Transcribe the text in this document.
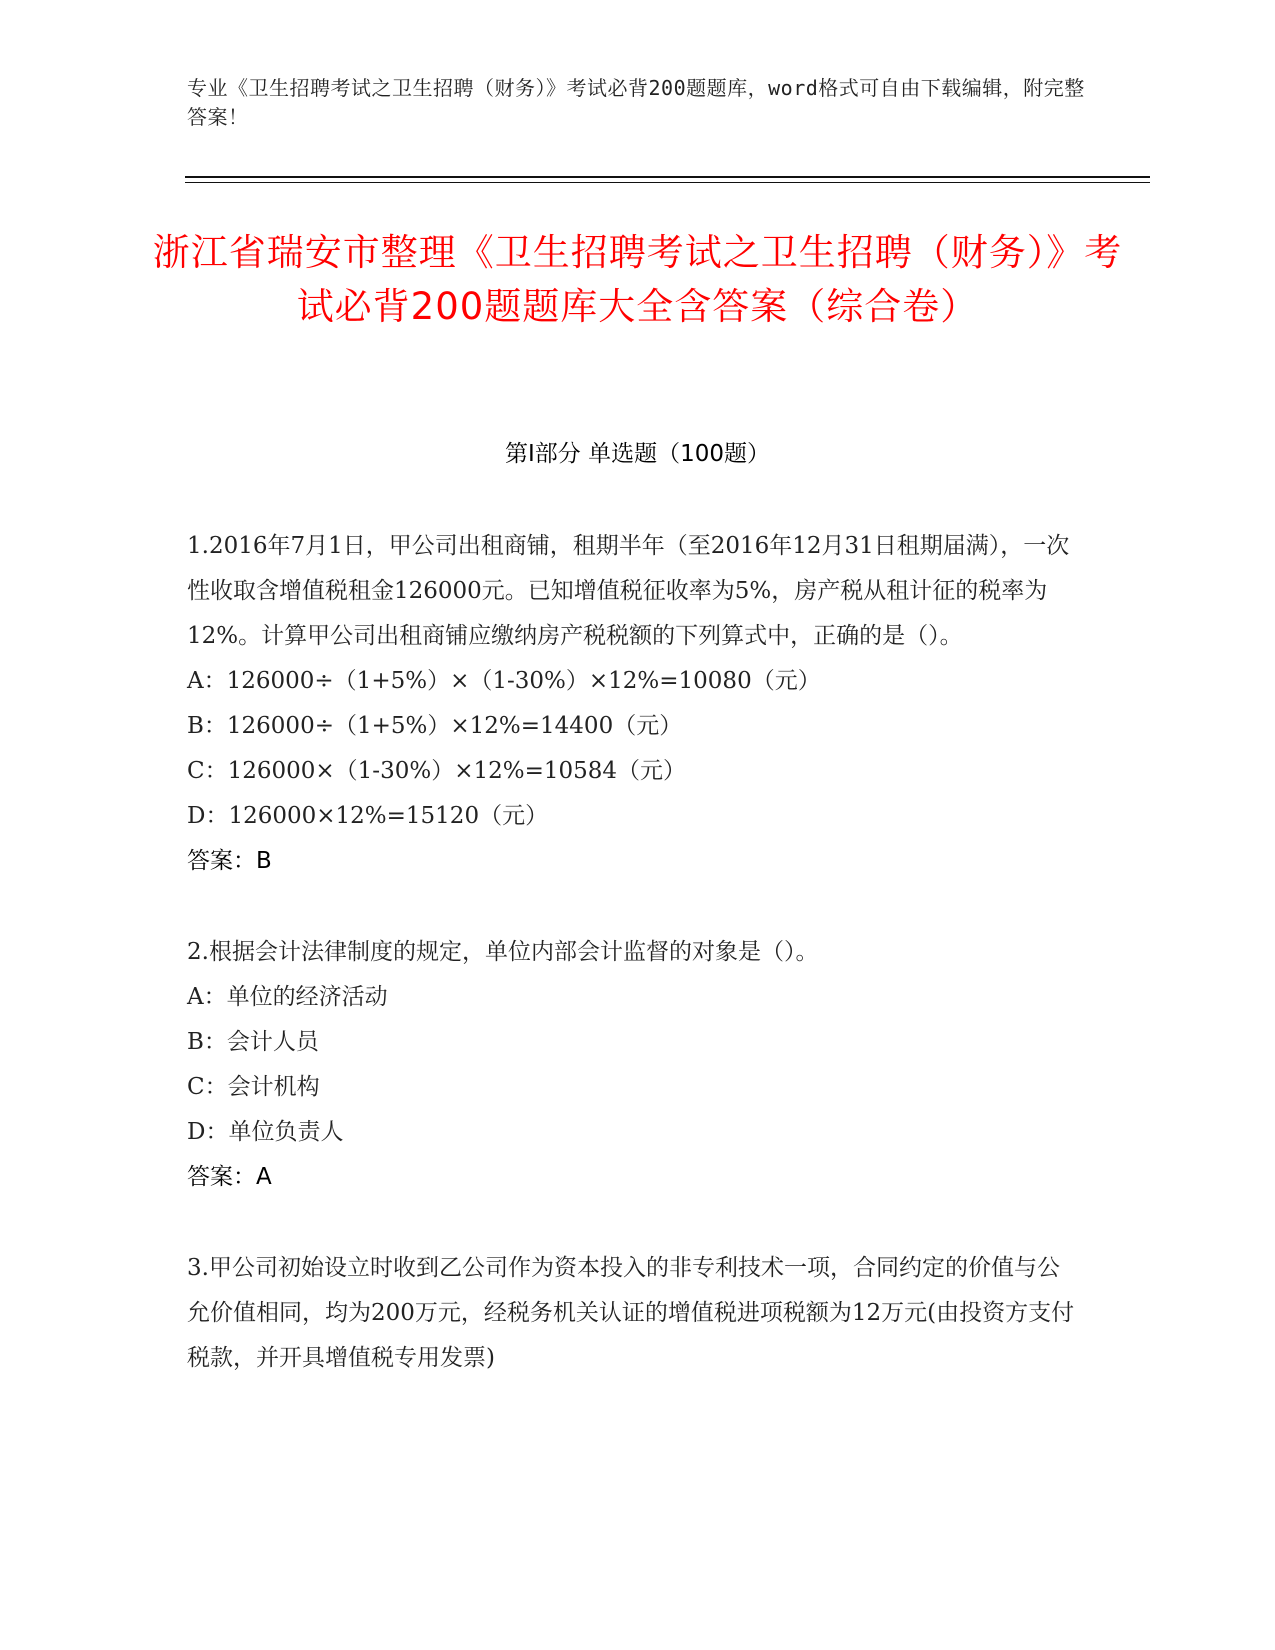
专业《卫生招聘考试之卫生招聘（财务）》考试必背200题题库，word格式可自由下载编辑，附完整答案！
浙江省瑞安市整理《卫生招聘考试之卫生招聘（财务）》考试必背200题题库大全含答案（综合卷）
第Ⅰ部分 单选题（100题）

1.2016年7月1日，甲公司出租商铺，租期半年（至2016年12月31日租期届满），一次性收取含增值税租金126000元。已知增值税征收率为5%，房产税从租计征的税率为12%。计算甲公司出租商铺应缴纳房产税税额的下列算式中，正确的是（）。

A：126000÷（1+5%）×（1-30%）×12%=10080（元）

B：126000÷（1+5%）×12%=14400（元）

C：126000×（1-30%）×12%=10584（元）

D：126000×12%=15120（元）

答案：B

2.根据会计法律制度的规定，单位内部会计监督的对象是（）。

A：单位的经济活动

B：会计人员

C：会计机构

D：单位负责人

答案：A

3.甲公司初始设立时收到乙公司作为资本投入的非专利技术一项，合同约定的价值与公允价值相同，均为200万元，经税务机关认证的增值税进项税额为12万元(由投资方支付税款，并开具增值税专用发票)
